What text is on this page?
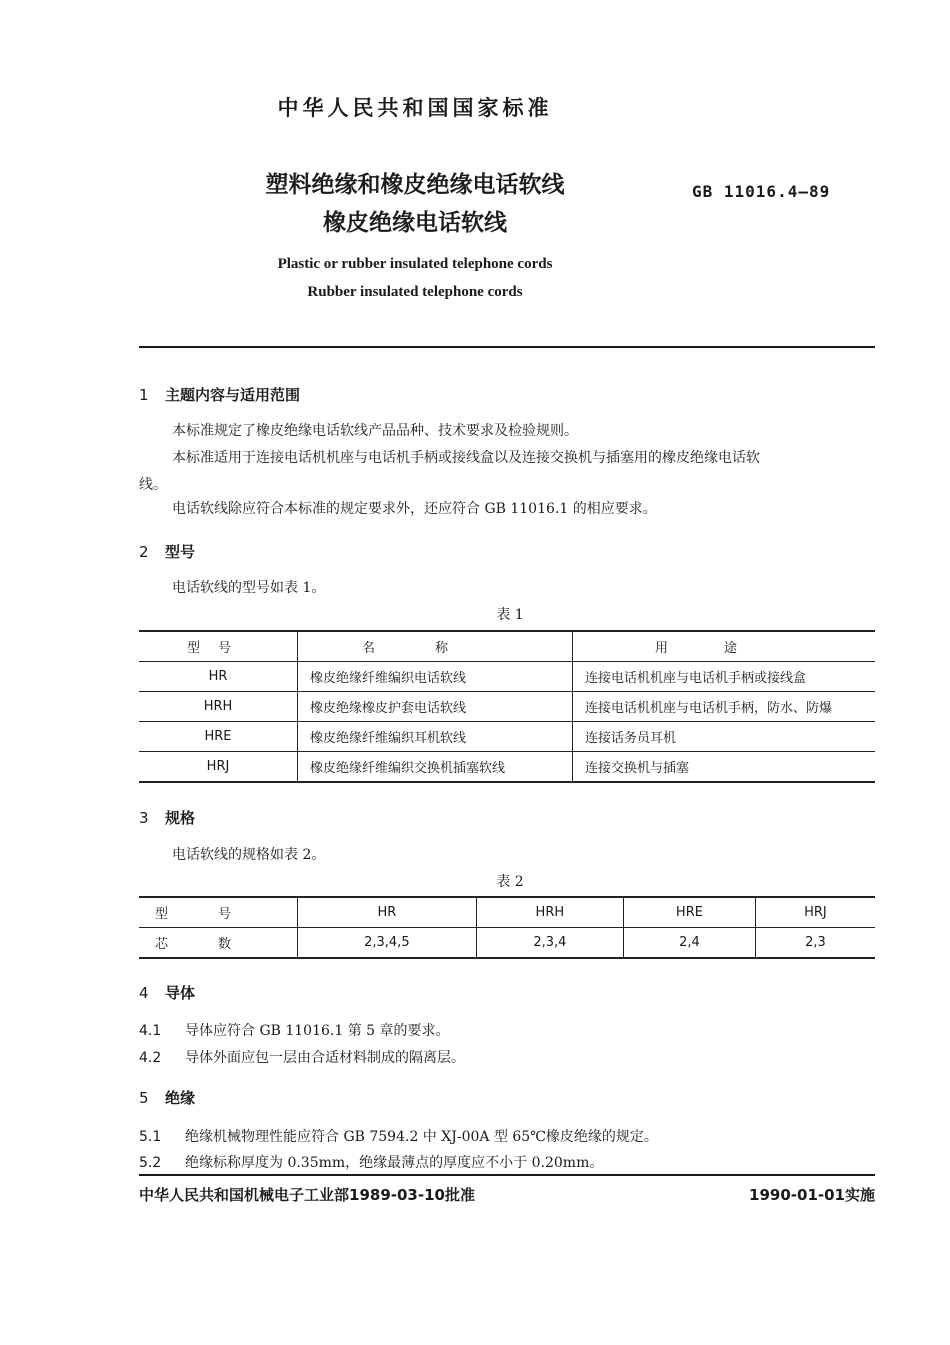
中华人民共和国国家标准
塑料绝缘和橡皮绝缘电话软线
橡皮绝缘电话软线
GB 11016.4—89
Plastic or rubber insulated telephone cords
Rubber insulated telephone cords
1 主题内容与适用范围
本标准规定了橡皮绝缘电话软线产品品种、技术要求及检验规则。
本标准适用于连接电话机机座与电话机手柄或接线盒以及连接交换机与插塞用的橡皮绝缘电话软
线。
电话软线除应符合本标准的规定要求外，还应符合 GB 11016.1 的相应要求。
2 型号
电话软线的型号如表 1。
表 1
型号	名称	用途
HR	橡皮绝缘纤维编织电话软线	连接电话机机座与电话机手柄或接线盒
HRH	橡皮绝缘橡皮护套电话软线	连接电话机机座与电话机手柄，防水、防爆
HRE	橡皮绝缘纤维编织耳机软线	连接话务员耳机
HRJ	橡皮绝缘纤维编织交换机插塞软线	连接交换机与插塞
3 规格
电话软线的规格如表 2。
表 2
型号	HR	HRH	HRE	HRJ
芯数	2,3,4,5	2,3,4	2,4	2,3
4 导体
4.1 导体应符合 GB 11016.1 第 5 章的要求。
4.2 导体外面应包一层由合适材料制成的隔离层。
5 绝缘
5.1 绝缘机械物理性能应符合 GB 7594.2 中 XJ-00A 型 65℃橡皮绝缘的规定。
5.2 绝缘标称厚度为 0.35mm，绝缘最薄点的厚度应不小于 0.20mm。
中华人民共和国机械电子工业部1989-03-10批准	1990-01-01实施
